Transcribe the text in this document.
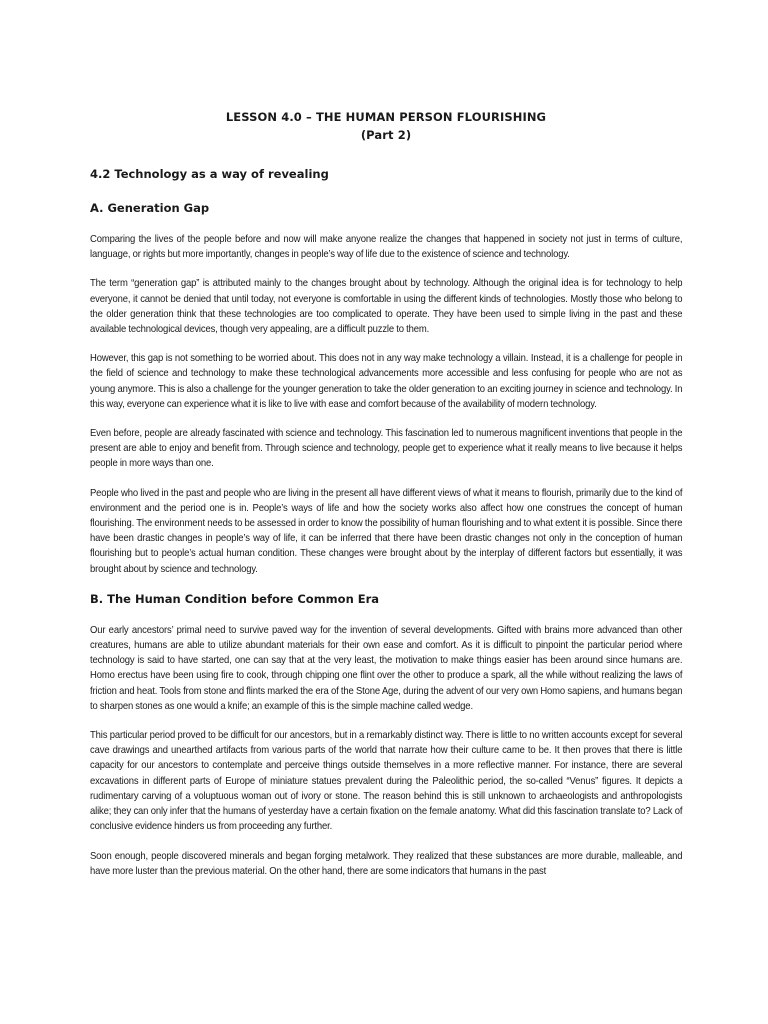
LESSON 4.0 – THE HUMAN PERSON FLOURISHING
(Part 2)
4.2 Technology as a way of revealing
A. Generation Gap

Comparing the lives of the people before and now will make anyone realize the changes that happened in society not just in terms of culture, language, or rights but more importantly, changes in people’s way of life due to the existence of science and technology.

The term “generation gap” is attributed mainly to the changes brought about by technology. Although the original idea is for technology to help everyone, it cannot be denied that until today, not everyone is comfortable in using the different kinds of technologies. Mostly those who belong to the older generation think that these technologies are too complicated to operate. They have been used to simple living in the past and these available technological devices, though very appealing, are a difficult puzzle to them.

However, this gap is not something to be worried about. This does not in any way make technology a villain. Instead, it is a challenge for people in the field of science and technology to make these technological advancements more accessible and less confusing for people who are not as young anymore. This is also a challenge for the younger generation to take the older generation to an exciting journey in science and technology. In this way, everyone can experience what it is like to live with ease and comfort because of the availability of modern technology.

Even before, people are already fascinated with science and technology. This fascination led to numerous magnificent inventions that people in the present are able to enjoy and benefit from. Through science and technology, people get to experience what it really means to live because it helps people in more ways than one.

People who lived in the past and people who are living in the present all have different views of what it means to flourish, primarily due to the kind of environment and the period one is in. People’s ways of life and how the society works also affect how one construes the concept of human flourishing. The environment needs to be assessed in order to know the possibility of human flourishing and to what extent it is possible. Since there have been drastic changes in people’s way of life, it can be inferred that there have been drastic changes not only in the conception of human flourishing but to people’s actual human condition. These changes were brought about by the interplay of different factors but essentially, it was brought about by science and technology.

B. The Human Condition before Common Era

Our early ancestors’ primal need to survive paved way for the invention of several developments. Gifted with brains more advanced than other creatures, humans are able to utilize abundant materials for their own ease and comfort. As it is difficult to pinpoint the particular period where technology is said to have started, one can say that at the very least, the motivation to make things easier has been around since humans are. Homo erectus have been using fire to cook, through chipping one flint over the other to produce a spark, all the while without realizing the laws of friction and heat. Tools from stone and flints marked the era of the Stone Age, during the advent of our very own Homo sapiens, and humans began to sharpen stones as one would a knife; an example of this is the simple machine called wedge.

This particular period proved to be difficult for our ancestors, but in a remarkably distinct way. There is little to no written accounts except for several cave drawings and unearthed artifacts from various parts of the world that narrate how their culture came to be. It then proves that there is little capacity for our ancestors to contemplate and perceive things outside themselves in a more reflective manner. For instance, there are several excavations in different parts of Europe of miniature statues prevalent during the Paleolithic period, the so-called “Venus” figures. It depicts a rudimentary carving of a voluptuous woman out of ivory or stone. The reason behind this is still unknown to archaeologists and anthropologists alike; they can only infer that the humans of yesterday have a certain fixation on the female anatomy. What did this fascination translate to? Lack of conclusive evidence hinders us from proceeding any further.

Soon enough, people discovered minerals and began forging metalwork. They realized that these substances are more durable, malleable, and have more luster than the previous material. On the other hand, there are some indicators that humans in the past
